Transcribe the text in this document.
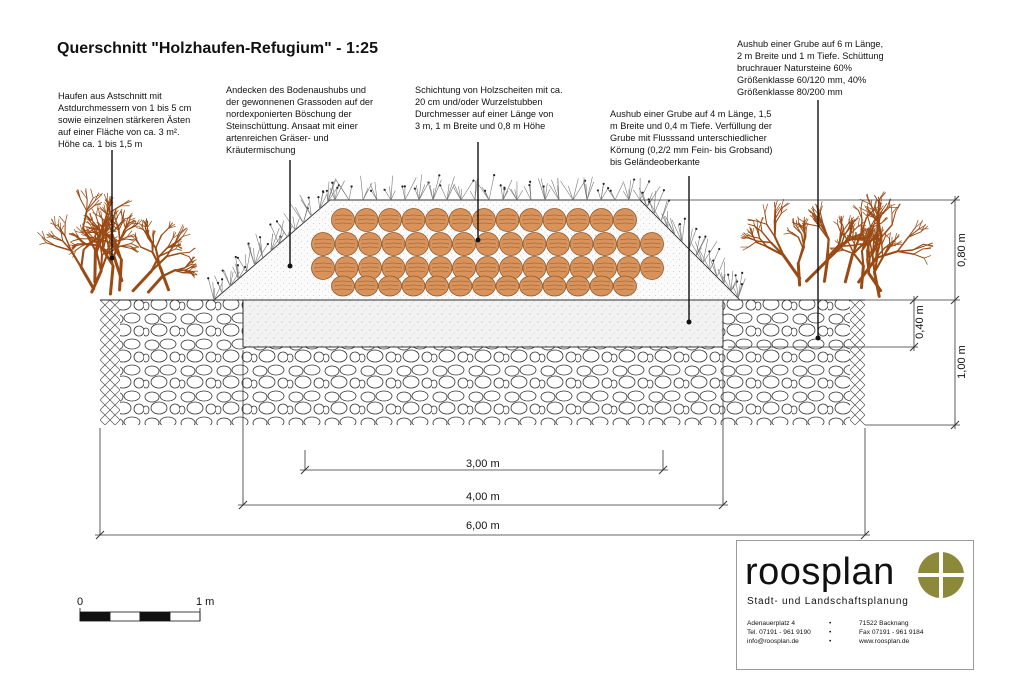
Querschnitt "Holzhaufen-Refugium" - 1:25
Haufen aus Astschnitt mit
Astdurchmessern von 1 bis 5 cm
sowie einzelnen stärkeren Ästen
auf einer Fläche von ca. 3 m².
Höhe ca. 1 bis 1,5 m
Andecken des Bodenaushubs und
der gewonnenen Grassoden auf der
nordexponierten Böschung der
Steinschüttung. Ansaat mit einer
artenreichen Gräser- und
Kräutermischung
Schichtung von Holzscheiten mit ca.
20 cm und/oder Wurzelstubben
Durchmesser auf einer Länge von
3 m, 1 m Breite und 0,8 m Höhe
Aushub einer Grube auf 4 m Länge, 1,5
m Breite und 0,4 m Tiefe. Verfüllung der
Grube mit Flusssand unterschiedlicher
Körnung (0,2/2 mm Fein- bis Grobsand)
bis Geländeoberkante
Aushub einer Grube auf 6 m Länge,
2 m Breite und 1 m Tiefe. Schüttung
bruchrauer Natursteine 60%
Größenklasse 60/120 mm, 40%
Größenklasse 80/200 mm
3,00 m
4,00 m
6,00 m
0,80 m
0,40 m
1,00 m
0	1 m
roosplan
Stadt- und Landschaftsplanung
Adenauerplatz 4
Tel. 07191 - 961 9190
info@roosplan.de
•
•
•
71522 Backnang
Fax 07191 - 961 9184
www.roosplan.de
